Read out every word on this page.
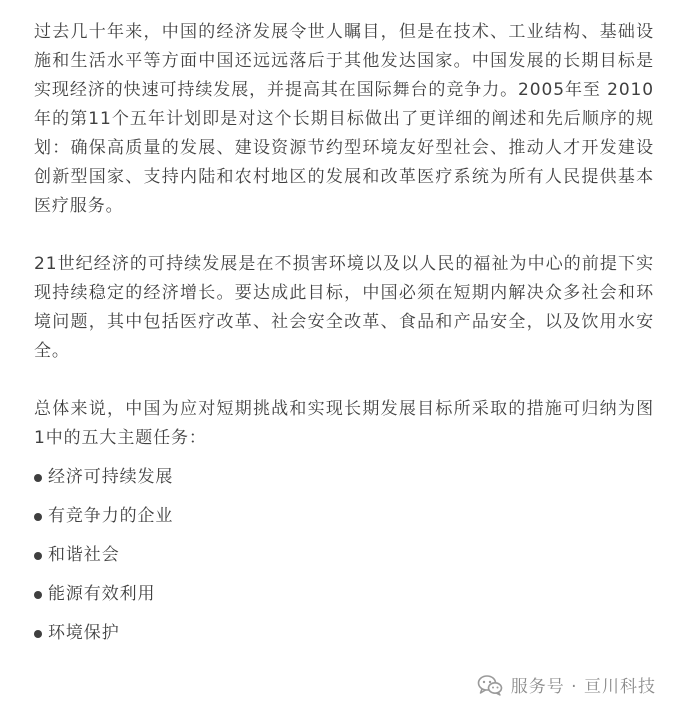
过去几十年来，中国的经济发展令世人瞩目，但是在技术、工业结构、基础设施和生活水平等方面中国还远远落后于其他发达国家。中国发展的长期目标是实现经济的快速可持续发展，并提高其在国际舞台的竞争力。2005年至 2010年的第11个五年计划即是对这个长期目标做出了更详细的阐述和先后顺序的规划：确保高质量的发展、建设资源节约型环境友好型社会、推动人才开发建设创新型国家、支持内陆和农村地区的发展和改革医疗系统为所有人民提供基本医疗服务。

21世纪经济的可持续发展是在不损害环境以及以人民的福祉为中心的前提下实现持续稳定的经济增长。要达成此目标，中国必须在短期内解决众多社会和环境问题，其中包括医疗改革、社会安全改革、食品和产品安全，以及饮用水安全。

总体来说，中国为应对短期挑战和实现长期发展目标所采取的措施可归纳为图1中的五大主题任务：

经济可持续发展
有竞争力的企业
和谐社会
能源有效利用
环境保护
服务号 · 亘川科技
